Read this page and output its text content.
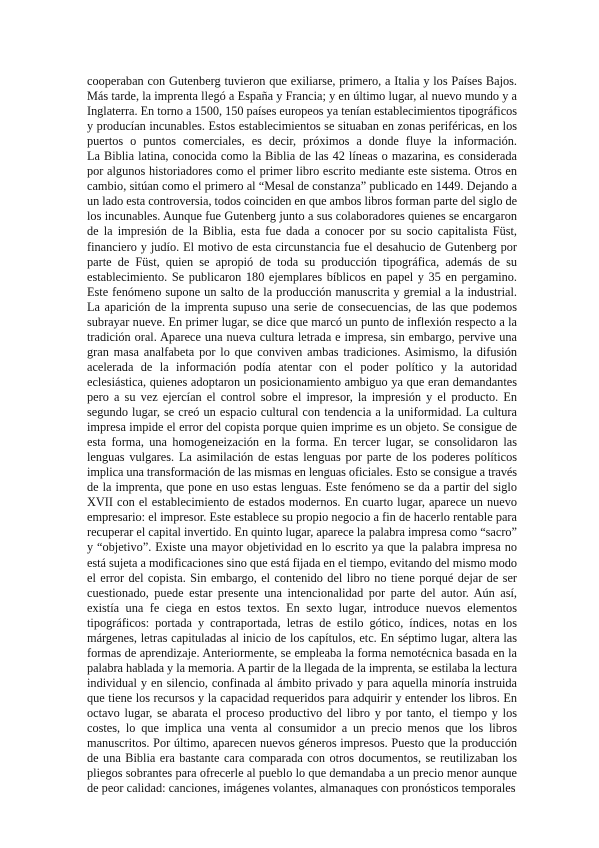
cooperaban con Gutenberg tuvieron que exiliarse, primero, a Italia y los Países Bajos.

Más tarde, la imprenta llegó a España y Francia; y en último lugar, al nuevo mundo y a

Inglaterra. En torno a 1500, 150 países europeos ya tenían establecimientos tipográficos

y producían incunables. Estos establecimientos se situaban en zonas periféricas, en los

puertos o puntos comerciales, es decir, próximos a donde fluye la información.

La Biblia latina, conocida como la Biblia de las 42 líneas o mazarina, es considerada

por algunos historiadores como el primer libro escrito mediante este sistema. Otros en

cambio, sitúan como el primero al “Mesal de constanza” publicado en 1449. Dejando a

un lado esta controversia, todos coinciden en que ambos libros forman parte del siglo de

los incunables. Aunque fue Gutenberg junto a sus colaboradores quienes se encargaron

de la impresión de la Biblia, esta fue dada a conocer por su socio capitalista Füst,

financiero y judío. El motivo de esta circunstancia fue el desahucio de Gutenberg por

parte de Füst, quien se apropió de toda su producción tipográfica, además de su

establecimiento. Se publicaron 180 ejemplares bíblicos en papel y 35 en pergamino.

Este fenómeno supone un salto de la producción manuscrita y gremial a la industrial.

La aparición de la imprenta supuso una serie de consecuencias, de las que podemos

subrayar nueve. En primer lugar, se dice que marcó un punto de inflexión respecto a la

tradición oral. Aparece una nueva cultura letrada e impresa, sin embargo, pervive una

gran masa analfabeta por lo que conviven ambas tradiciones. Asimismo, la difusión

acelerada de la información podía atentar con el poder político y la autoridad

eclesiástica, quienes adoptaron un posicionamiento ambiguo ya que eran demandantes

pero a su vez ejercían el control sobre el impresor, la impresión y el producto. En

segundo lugar, se creó un espacio cultural con tendencia a la uniformidad. La cultura

impresa impide el error del copista porque quien imprime es un objeto. Se consigue de

esta forma, una homogeneización en la forma. En tercer lugar, se consolidaron las

lenguas vulgares. La asimilación de estas lenguas por parte de los poderes políticos

implica una transformación de las mismas en lenguas oficiales. Esto se consigue a través

de la imprenta, que pone en uso estas lenguas. Este fenómeno se da a partir del siglo

XVII con el establecimiento de estados modernos. En cuarto lugar, aparece un nuevo

empresario: el impresor. Este establece su propio negocio a fin de hacerlo rentable para

recuperar el capital invertido. En quinto lugar, aparece la palabra impresa como “sacro”

y “objetivo”. Existe una mayor objetividad en lo escrito ya que la palabra impresa no

está sujeta a modificaciones sino que está fijada en el tiempo, evitando del mismo modo

el error del copista. Sin embargo, el contenido del libro no tiene porqué dejar de ser

cuestionado, puede estar presente una intencionalidad por parte del autor. Aún así,

existía una fe ciega en estos textos. En sexto lugar, introduce nuevos elementos

tipográficos: portada y contraportada, letras de estilo gótico, índices, notas en los

márgenes, letras capituladas al inicio de los capítulos, etc. En séptimo lugar, altera las

formas de aprendizaje. Anteriormente, se empleaba la forma nemotécnica basada en la

palabra hablada y la memoria. A partir de la llegada de la imprenta, se estilaba la lectura

individual y en silencio, confinada al ámbito privado y para aquella minoría instruida

que tiene los recursos y la capacidad requeridos para adquirir y entender los libros. En

octavo lugar, se abarata el proceso productivo del libro y por tanto, el tiempo y los

costes, lo que implica una venta al consumidor a un precio menos que los libros

manuscritos. Por último, aparecen nuevos géneros impresos. Puesto que la producción

de una Biblia era bastante cara comparada con otros documentos, se reutilizaban los

pliegos sobrantes para ofrecerle al pueblo lo que demandaba a un precio menor aunque

de peor calidad: canciones, imágenes volantes, almanaques con pronósticos temporales
